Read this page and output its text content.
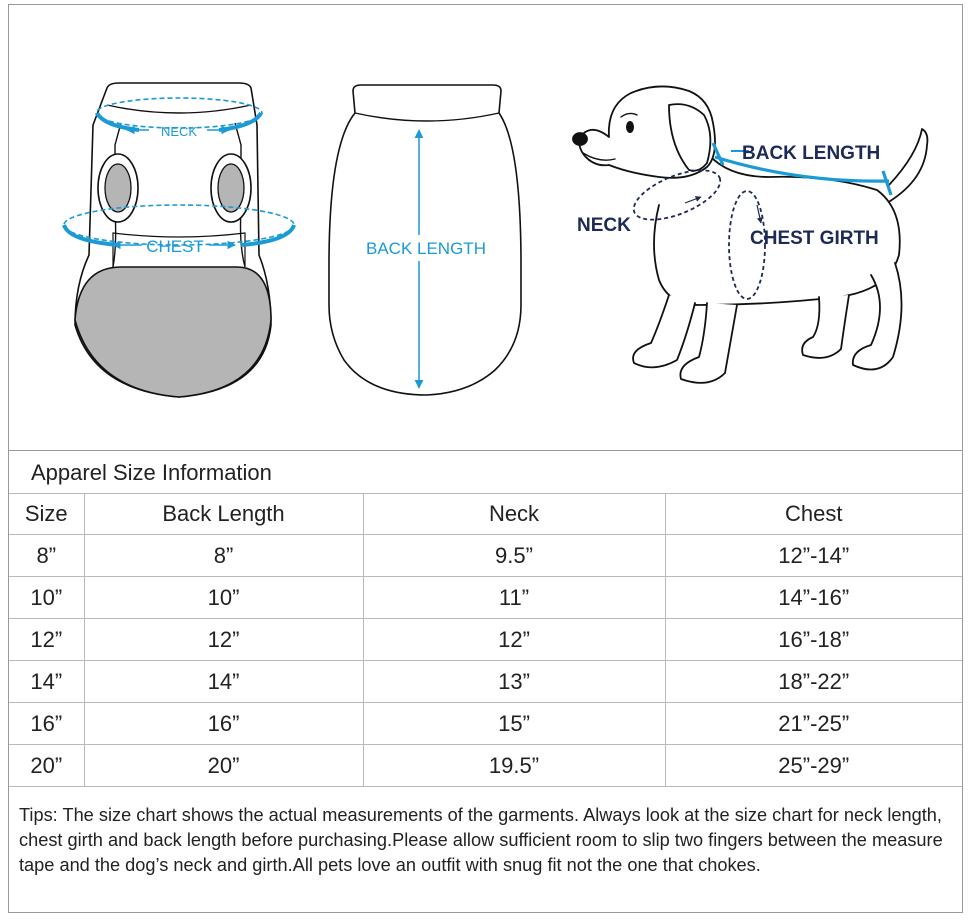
NECK
CHEST	BACK LENGTH
BACK LENGTH
NECK
CHEST GIRTH
Apparel Size Information
Size	Back Length	Neck	Chest
8”	8”	9.5”	12”-14”
10”	10”	11”	14”-16”
12”	12”	12”	16”-18”
14”	14”	13”	18”-22”
16”	16”	15”	21”-25”
20”	20”	19.5”	25”-29”
Tips: The size chart shows the actual measurements of the garments. Always look at the size chart for neck length, chest girth and back length before purchasing.Please allow sufficient room to slip two fingers between the measure tape and the dog’s neck and girth.All pets love an outfit with snug fit not the one that chokes.
